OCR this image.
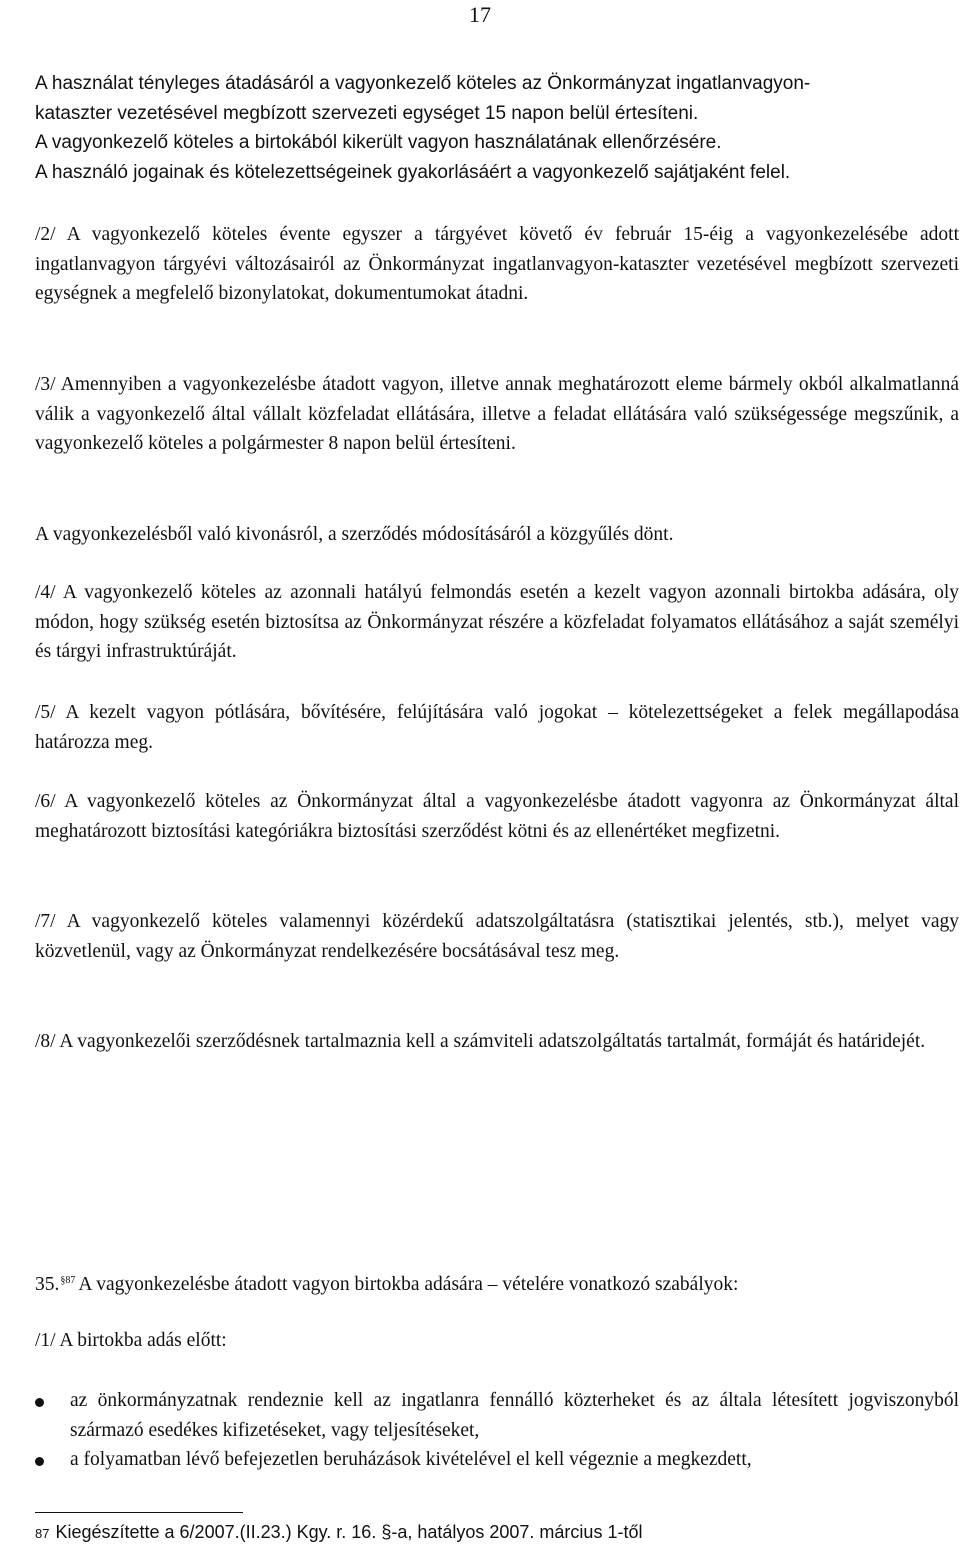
17
A használat tényleges átadásáról a vagyonkezelő köteles az Önkormányzat ingatlanvagyon-
kataszter vezetésével megbízott szervezeti egységet 15 napon belül értesíteni.
A vagyonkezelő köteles a birtokából kikerült vagyon használatának ellenőrzésére.
A használó jogainak és kötelezettségeinek gyakorlásáért a vagyonkezelő sajátjaként felel.
/2/ A vagyonkezelő köteles évente egyszer a tárgyévet követő év február 15-éig a vagyonkezelésébe adott ingatlanvagyon tárgyévi változásairól az Önkormányzat ingatlanvagyon-kataszter vezetésével megbízott szervezeti egységnek a megfelelő bizonylatokat, dokumentumokat átadni.
/3/ Amennyiben a vagyonkezelésbe átadott vagyon, illetve annak meghatározott eleme bármely okból alkalmatlanná válik a vagyonkezelő által vállalt közfeladat ellátására, illetve a feladat ellátására való szükségessége megszűnik, a vagyonkezelő köteles a polgármester 8 napon belül értesíteni.
A vagyonkezelésből való kivonásról, a szerződés módosításáról a közgyűlés dönt.
/4/ A vagyonkezelő köteles az azonnali hatályú felmondás esetén a kezelt vagyon azonnali birtokba adására, oly módon, hogy szükség esetén biztosítsa az Önkormányzat részére a közfeladat folyamatos ellátásához a saját személyi és tárgyi infrastruktúráját.
/5/ A kezelt vagyon pótlására, bővítésére, felújítására való jogokat – kötelezettségeket a felek megállapodása határozza meg.
/6/ A vagyonkezelő köteles az Önkormányzat által a vagyonkezelésbe átadott vagyonra az Önkormányzat által meghatározott biztosítási kategóriákra biztosítási szerződést kötni és az ellenértéket megfizetni.
/7/ A vagyonkezelő köteles valamennyi közérdekű adatszolgáltatásra (statisztikai jelentés, stb.), melyet vagy közvetlenül, vagy az Önkormányzat rendelkezésére bocsátásával tesz meg.
/8/ A vagyonkezelői szerződésnek tartalmaznia kell a számviteli adatszolgáltatás tartalmát, formáját és határidejét.
35.$^{\S 87}$ A vagyonkezelésbe átadott vagyon birtokba adására – vételére vonatkozó szabályok:
/1/ A birtokba adás előtt:
az önkormányzatnak rendeznie kell az ingatlanra fennálló közterheket és az általa létesített jogviszonyból származó esedékes kifizetéseket, vagy teljesítéseket,
a folyamatban lévő befejezetlen beruházások kivételével el kell végeznie a megkezdett,
87 Kiegészítette a 6/2007.(II.23.) Kgy. r. 16. §-a, hatályos 2007. március 1-től
